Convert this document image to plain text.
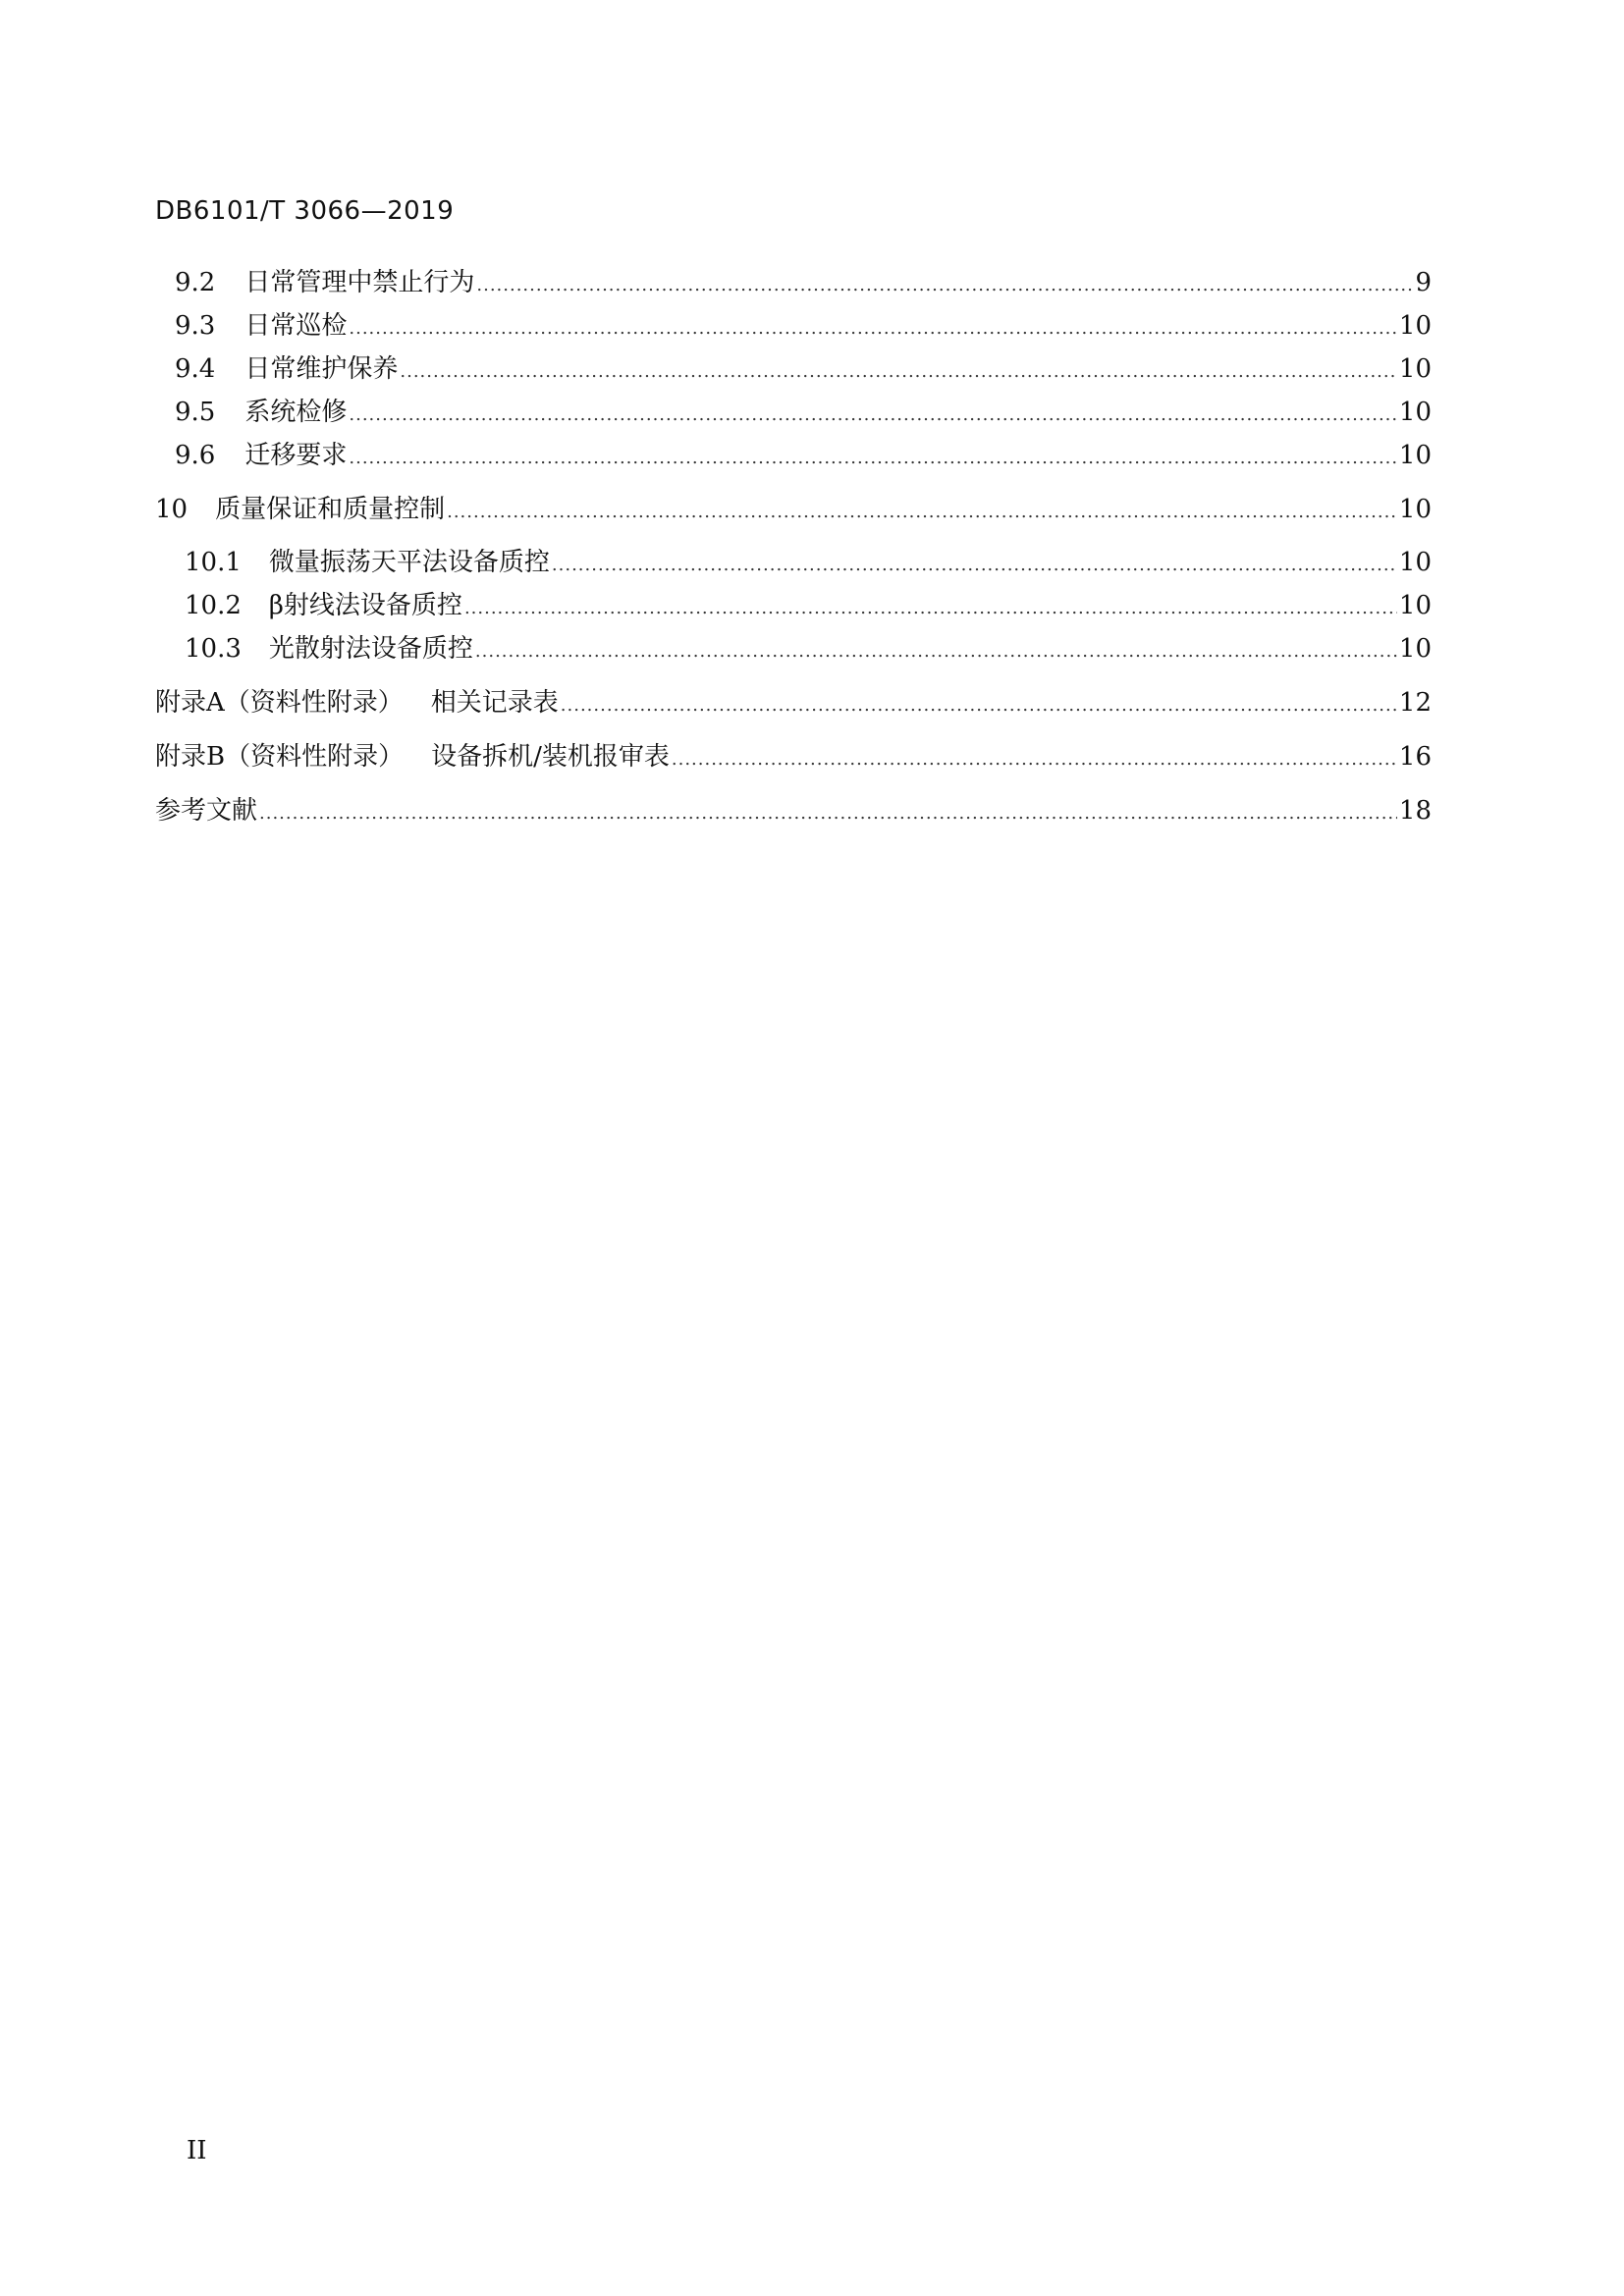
DB6101/T 3066—2019
9.2 日常管理中禁止行为 .....	9
9.3 日常巡检 .....	10
9.4 日常维护保养 .....	10
9.5 系统检修 .....	10
9.6 迁移要求 .....	10
10 质量保证和质量控制 .....	10
10.1 微量振荡天平法设备质控 .....	10
10.2 β射线法设备质控 .....	10
10.3 光散射法设备质控 .....	10
附录A（资料性附录） 相关记录表 .....	12
附录B（资料性附录） 设备拆机/装机报审表 .....	16
参考文献 .....	18
II
